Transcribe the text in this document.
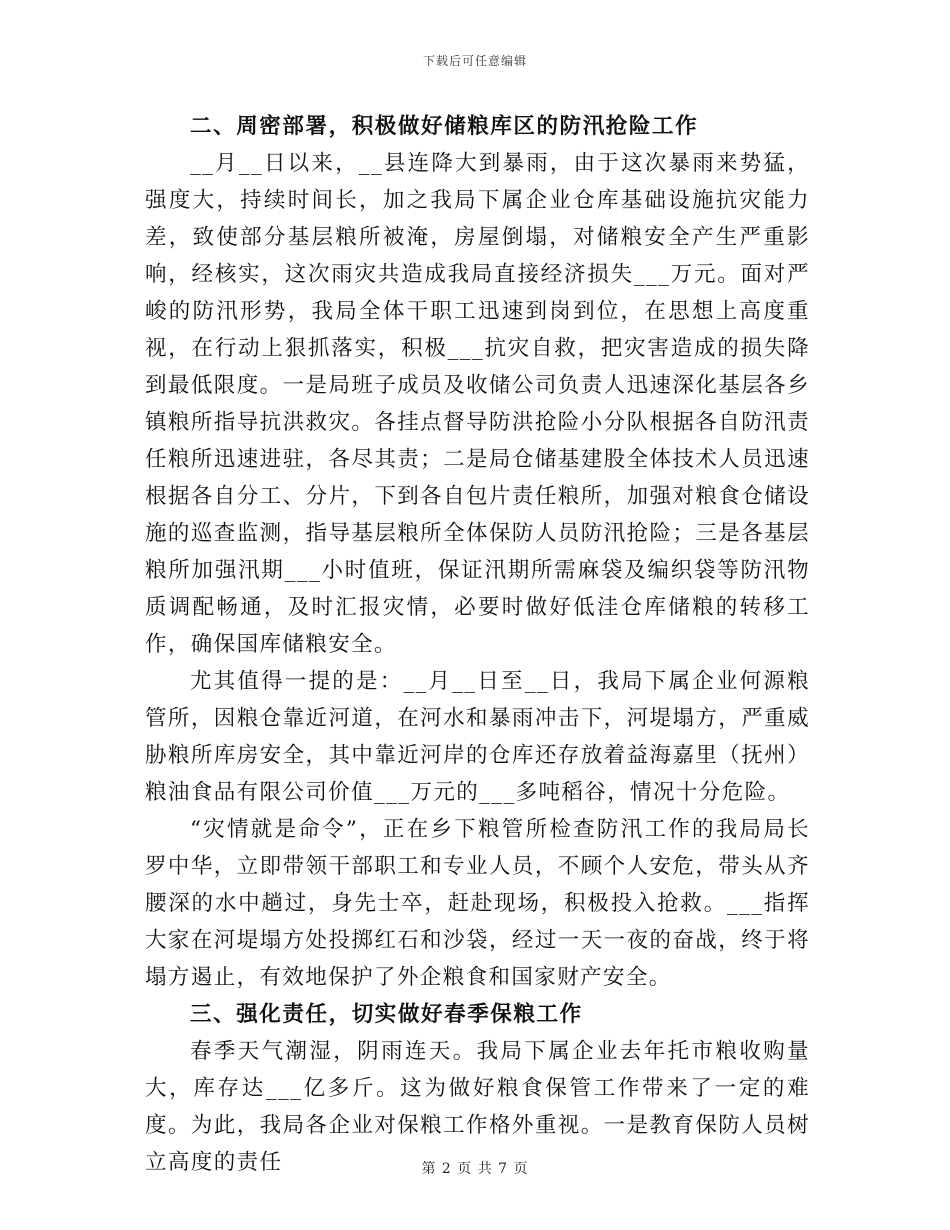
下载后可任意编辑
二、周密部署，积极做好储粮库区的防汛抢险工作

__月__日以来，__县连降大到暴雨，由于这次暴雨来势猛，强度大，持续时间长，加之我局下属企业仓库基础设施抗灾能力差，致使部分基层粮所被淹，房屋倒塌，对储粮安全产生严重影响，经核实，这次雨灾共造成我局直接经济损失___万元。面对严峻的防汛形势，我局全体干职工迅速到岗到位，在思想上高度重视，在行动上狠抓落实，积极___抗灾自救，把灾害造成的损失降到最低限度。一是局班子成员及收储公司负责人迅速深化基层各乡镇粮所指导抗洪救灾。各挂点督导防洪抢险小分队根据各自防汛责任粮所迅速进驻，各尽其责；二是局仓储基建股全体技术人员迅速根据各自分工、分片，下到各自包片责任粮所，加强对粮食仓储设施的巡查监测，指导基层粮所全体保防人员防汛抢险；三是各基层粮所加强汛期___小时值班，保证汛期所需麻袋及编织袋等防汛物质调配畅通，及时汇报灾情，必要时做好低洼仓库储粮的转移工作，确保国库储粮安全。

尤其值得一提的是：__月__日至__日，我局下属企业何源粮管所，因粮仓靠近河道，在河水和暴雨冲击下，河堤塌方，严重威胁粮所库房安全，其中靠近河岸的仓库还存放着益海嘉里（抚州）粮油食品有限公司价值___万元的___多吨稻谷，情况十分危险。

“灾情就是命令”，正在乡下粮管所检查防汛工作的我局局长罗中华，立即带领干部职工和专业人员，不顾个人安危，带头从齐腰深的水中趟过，身先士卒，赶赴现场，积极投入抢救。___指挥大家在河堤塌方处投掷红石和沙袋，经过一天一夜的奋战，终于将塌方遏止，有效地保护了外企粮食和国家财产安全。

三、强化责任，切实做好春季保粮工作

春季天气潮湿，阴雨连天。我局下属企业去年托市粮收购量大，库存达___亿多斤。这为做好粮食保管工作带来了一定的难度。为此，我局各企业对保粮工作格外重视。一是教育保防人员树立高度的责任	第 2 页 共 7 页
